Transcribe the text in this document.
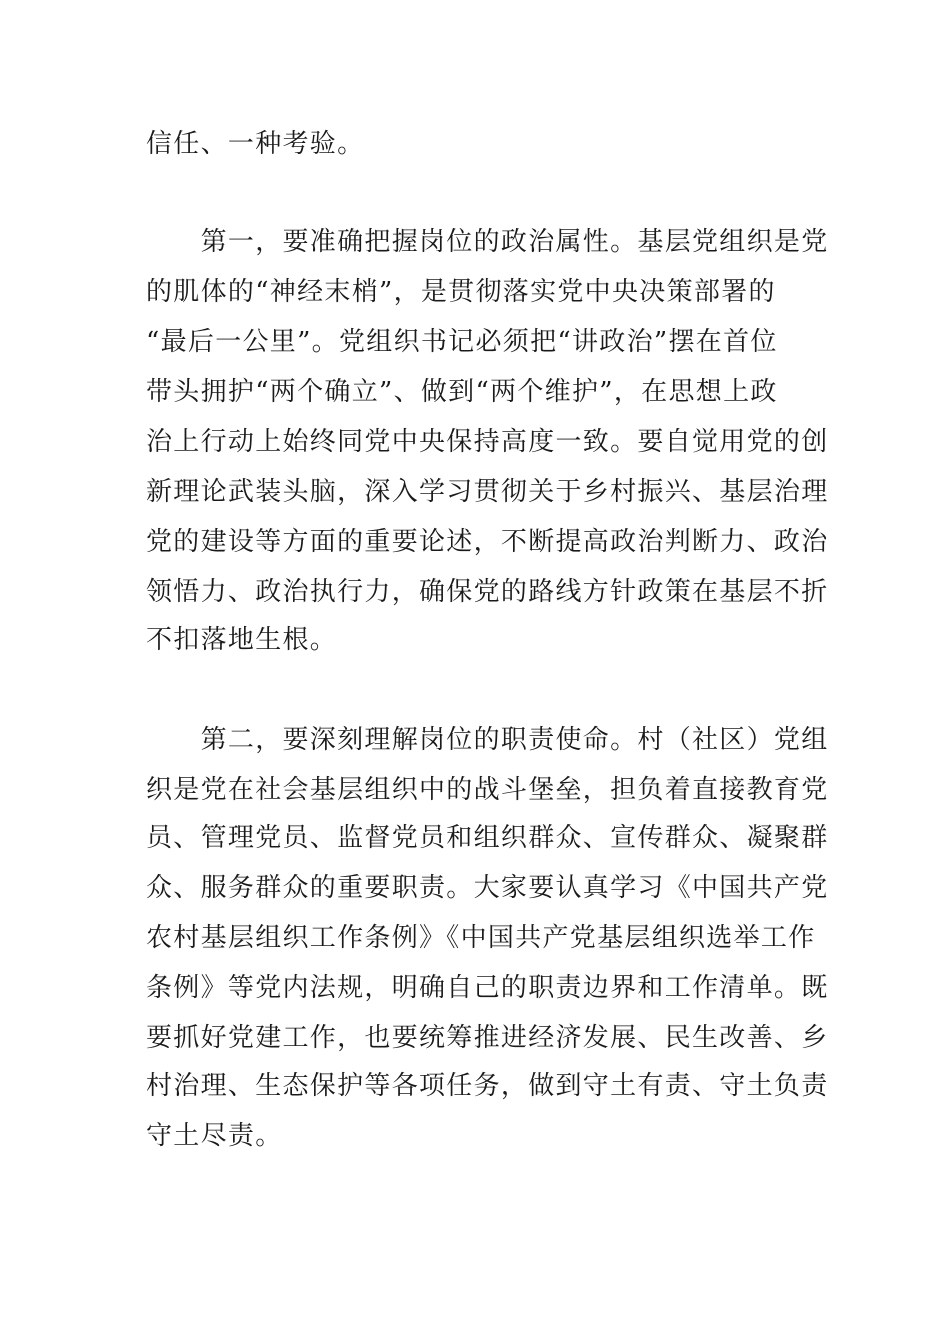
信任、一种考验。
　　第一，要准确把握岗位的政治属性。基层党组织是党
的肌体的“神经末梢”，是贯彻落实党中央决策部署的
“最后一公里”。党组织书记必须把“讲政治”摆在首位
带头拥护“两个确立”、做到“两个维护”，在思想上政
治上行动上始终同党中央保持高度一致。要自觉用党的创
新理论武装头脑，深入学习贯彻关于乡村振兴、基层治理
党的建设等方面的重要论述，不断提高政治判断力、政治
领悟力、政治执行力，确保党的路线方针政策在基层不折
不扣落地生根。
　　第二，要深刻理解岗位的职责使命。村（社区）党组
织是党在社会基层组织中的战斗堡垒，担负着直接教育党
员、管理党员、监督党员和组织群众、宣传群众、凝聚群
众、服务群众的重要职责。大家要认真学习《中国共产党
农村基层组织工作条例》《中国共产党基层组织选举工作
条例》等党内法规，明确自己的职责边界和工作清单。既
要抓好党建工作，也要统筹推进经济发展、民生改善、乡
村治理、生态保护等各项任务，做到守土有责、守土负责
守土尽责。
